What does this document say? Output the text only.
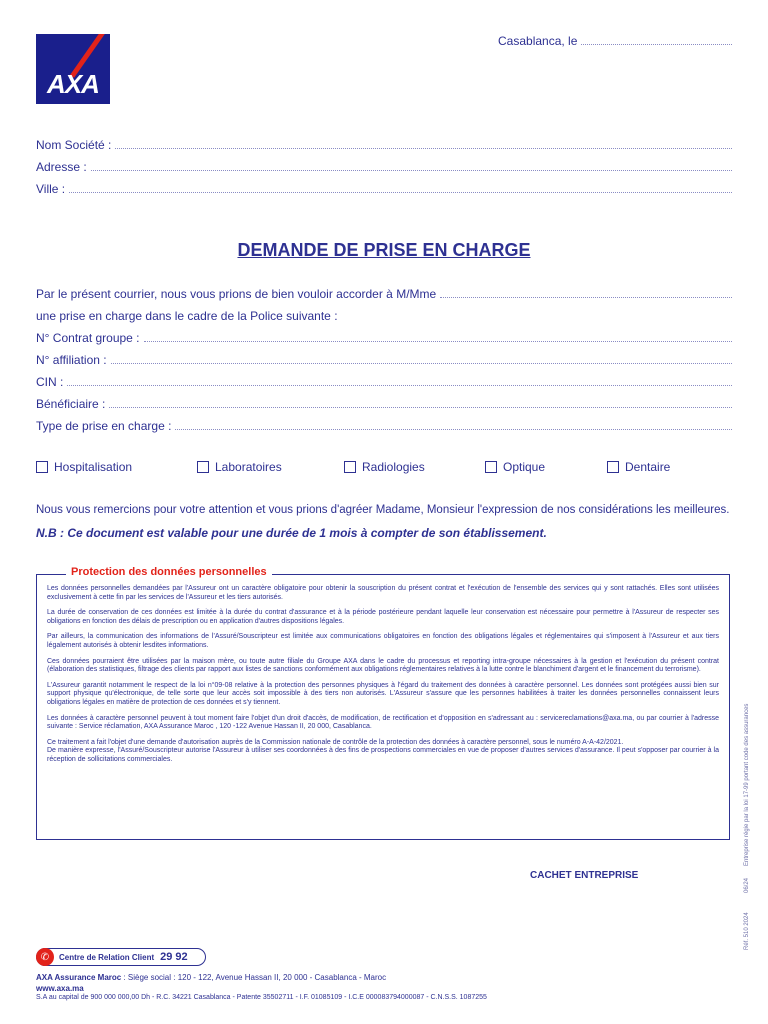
AXA
Casablanca, le
Nom Société :
Adresse :
Ville :
DEMANDE DE PRISE EN CHARGE
Par le présent courrier, nous vous prions de bien vouloir accorder à M/Mme
une prise en charge dans le cadre de la Police suivante :
N° Contrat groupe :
N° affiliation :
CIN :
Bénéficiaire :
Type de prise en charge :
Hospitalisation	Laboratoires	Radiologies	Optique	Dentaire
Nous vous remercions pour votre attention et vous prions d'agréer Madame, Monsieur l'expression de nos considérations les meilleures.
N.B : Ce document est valable pour une durée de 1 mois à compter de son établissement.

Les données personnelles demandées par l'Assureur ont un caractère obligatoire pour obtenir la souscription du présent contrat et l'exécution de l'ensemble des services qui y sont rattachés. Elles sont utilisées exclusivement à cette fin par les services de l'Assureur et les tiers autorisés.

La durée de conservation de ces données est limitée à la durée du contrat d'assurance et à la période postérieure pendant laquelle leur conservation est nécessaire pour permettre à l'Assureur de respecter ses obligations en fonction des délais de prescription ou en application d'autres dispositions légales.

Par ailleurs, la communication des informations de l'Assuré/Souscripteur est limitée aux communications obligatoires en fonction des obligations légales et réglementaires qui s'imposent à l'Assureur et aux tiers légalement autorisés à obtenir lesdites informations.

Ces données pourraient être utilisées par la maison mère, ou toute autre filiale du Groupe AXA dans le cadre du processus et reporting intra-groupe nécessaires à la gestion et l'exécution du présent contrat (élaboration des statistiques, filtrage des clients par rapport aux listes de sanctions conformément aux obligations réglementaires relatives à la lutte contre le blanchiment d'argent et le financement du terrorisme).

L'Assureur garantit notamment le respect de la loi n°09-08 relative à la protection des personnes physiques à l'égard du traitement des données à caractère personnel. Les données sont protégées aussi bien sur support physique qu'électronique, de telle sorte que leur accès soit impossible à des tiers non autorisés. L'Assureur s'assure que les personnes habilitées à traiter les données personnelles connaissent leurs obligations légales en matière de protection de ces données et s'y tiennent.

Les données à caractère personnel peuvent à tout moment faire l'objet d'un droit d'accès, de modification, de rectification et d'opposition en s'adressant au : servicereclamations@axa.ma, ou par courrier à l'adresse suivante : Service réclamation, AXA Assurance Maroc , 120 -122 Avenue Hassan II, 20 000, Casablanca.

Ce traitement a fait l'objet d'une demande d'autorisation auprès de la Commission nationale de contrôle de la protection des données à caractère personnel, sous le numéro A-A-42/2021.

De manière expresse, l'Assuré/Souscripteur autorise l'Assureur à utiliser ses coordonnées à des fins de prospections commerciales en vue de proposer d'autres services d'assurance. Il peut s'opposer par courrier à la réception de sollicitations commerciales.

Protection des données personnelles
CACHET ENTREPRISE
Entreprise régie par la loi 17-99 portant code des assurances
06/24
Réf. 510 2024
✆	Centre de Relation Client 29 92
AXA Assurance Maroc : Siège social : 120 - 122, Avenue Hassan II, 20 000 - Casablanca - Maroc
www.axa.ma
S.A au capital de 900 000 000,00 Dh - R.C. 34221 Casablanca - Patente 35502711 - I.F. 01085109 - I.C.E 000083794000087 - C.N.S.S. 1087255
